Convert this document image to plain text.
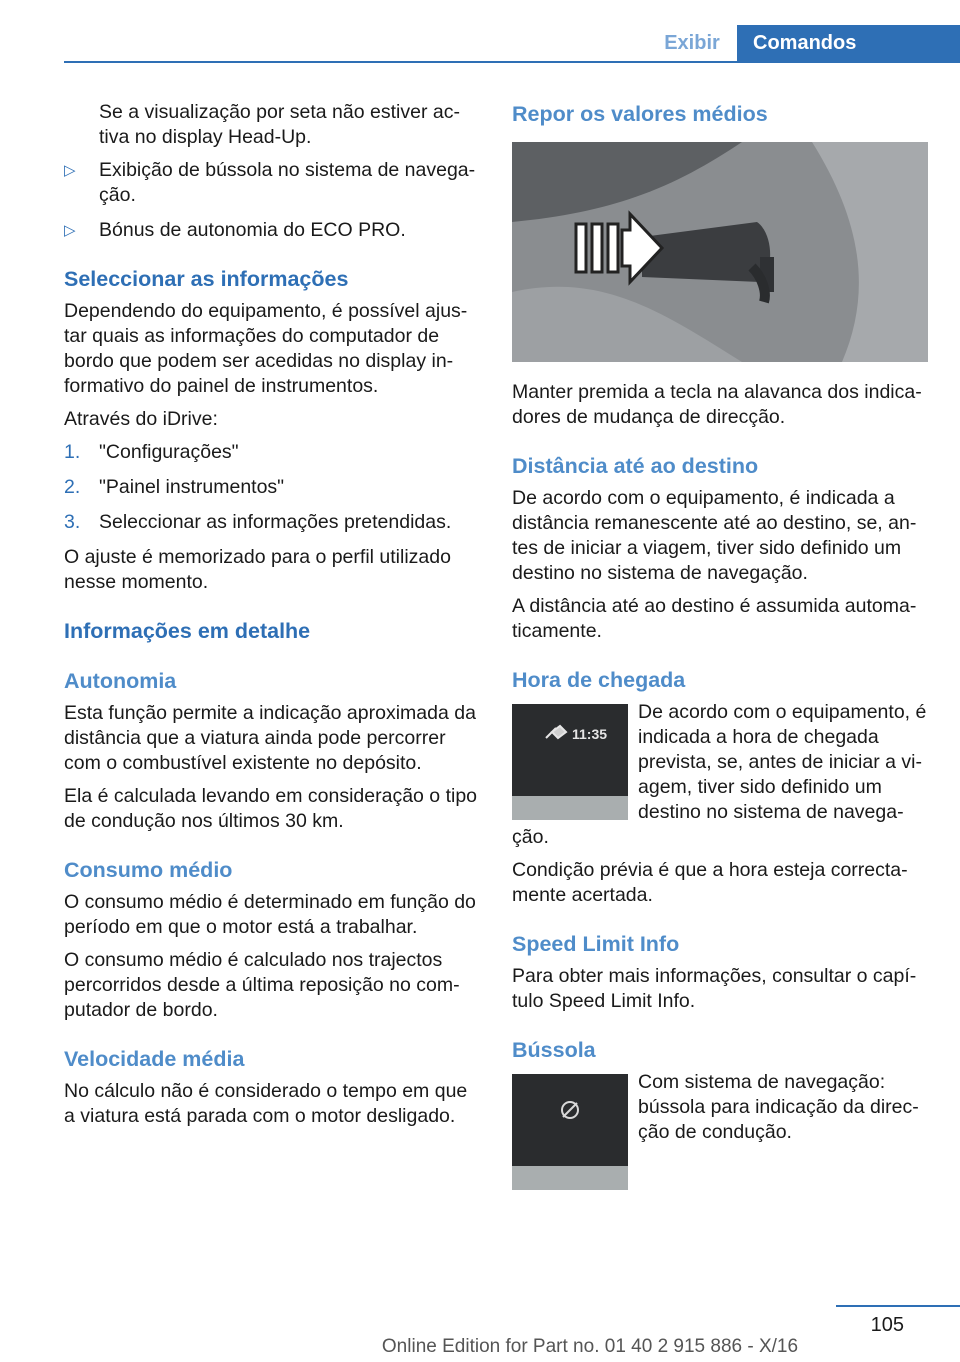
Exibir	Comandos

Se a visualização por seta não estiver ac-tiva no display Head-Up.

▷ Exibição de bússola no sistema de navega-ção.
▷ Bónus de autonomia do ECO PRO.
Seleccionar as informações

Dependendo do equipamento, é possível ajus-tar quais as informações do computador de bordo que podem ser acedidas no display in-formativo do painel de instrumentos.

Através do iDrive:

1. "Configurações"
2. "Painel instrumentos"
3. Seleccionar as informações pretendidas.

O ajuste é memorizado para o perfil utilizado nesse momento.

Informações em detalhe
Autonomia

Esta função permite a indicação aproximada da distância que a viatura ainda pode percorrer com o combustível existente no depósito.

Ela é calculada levando em consideração o tipo de condução nos últimos 30 km.

Consumo médio

O consumo médio é determinado em função do período em que o motor está a trabalhar.

O consumo médio é calculado nos trajectos percorridos desde a última reposição no com-putador de bordo.

Velocidade média

No cálculo não é considerado o tempo em que a viatura está parada com o motor desligado.

Repor os valores médios

Manter premida a tecla na alavanca dos indica-dores de mudança de direcção.

Distância até ao destino

De acordo com o equipamento, é indicada a distância remanescente até ao destino, se, an-tes de iniciar a viagem, tiver sido definido um destino no sistema de navegação.

A distância até ao destino é assumida automa-ticamente.

Hora de chegada
11:35

De acordo com o equipamento, é indicada a hora de chegada prevista, se, antes de iniciar a vi-agem, tiver sido definido um destino no sistema de navega-ção.

Condição prévia é que a hora esteja correcta-mente acertada.

Speed Limit Info

Para obter mais informações, consultar o capí-tulo Speed Limit Info.

Bússola

Com sistema de navegação: bússola para indicação da direc-ção de condução.

105
Online Edition for Part no. 01 40 2 915 886 - X/16
